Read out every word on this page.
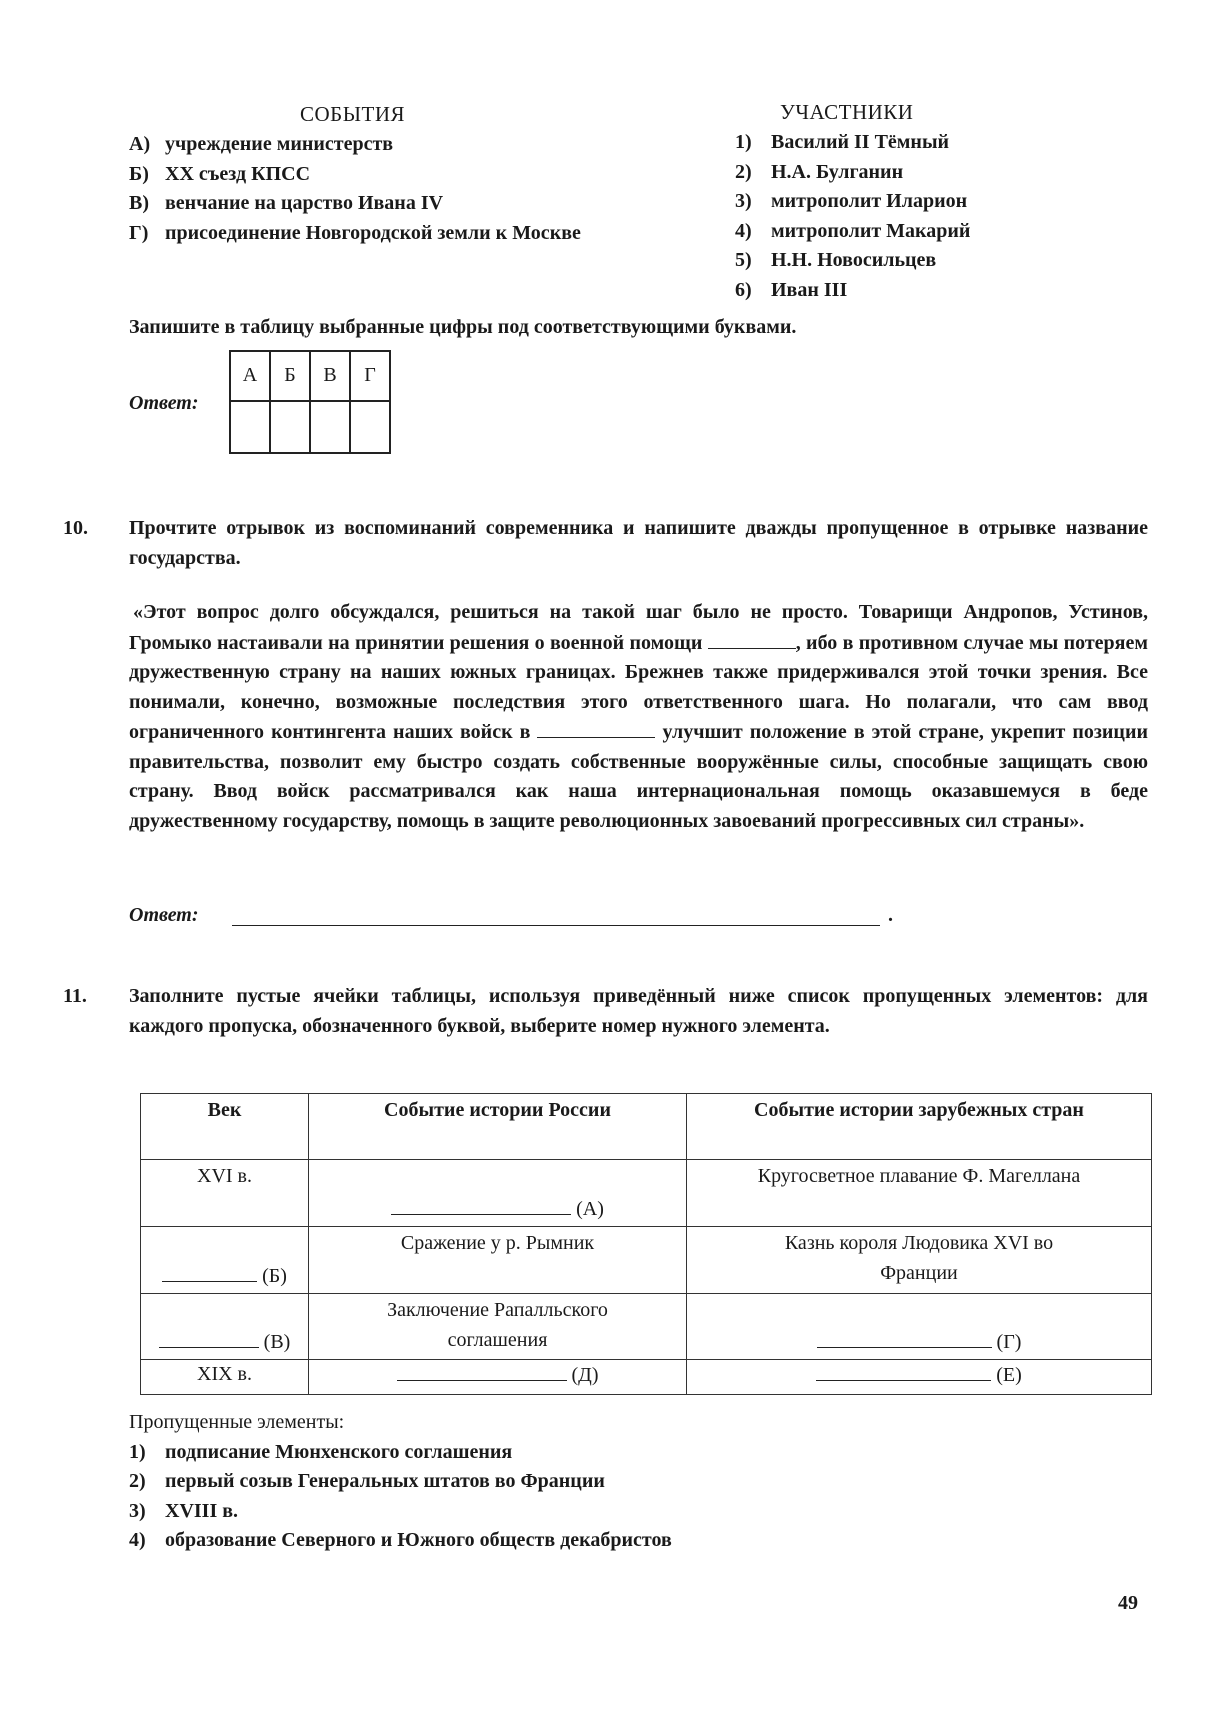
СОБЫТИЯ
А) учреждение министерств
Б) ХХ съезд КПСС
В) венчание на царство Ивана IV
Г) присоединение Новгородской земли к Москве
УЧАСТНИКИ
1) Василий II Тёмный
2) Н.А. Булганин
3) митрополит Иларион
4) митрополит Макарий
5) Н.Н. Новосильцев
6) Иван III
Запишите в таблицу выбранные цифры под соответствующими буквами.
Ответ:
А	Б	В	Г

10. Прочтите отрывок из воспоминаний современника и напишите дважды пропущенное в отрывке название государства.
«Этот вопрос долго обсуждался, решиться на такой шаг было не просто. Товарищи Андропов, Устинов, Громыко настаивали на принятии решения о военной помощи	, ибо в противном случае мы потеряем дружественную страну на наших южных границах. Брежнев также придерживался этой точки зрения. Все понимали, конечно, возможные последствия этого ответственного шага. Но полагали, что сам ввод ограниченного контингента наших войск в	улучшит положение в этой стране, укрепит позиции правительства, позволит ему быстро создать собственные вооружённые силы, способные защищать свою страну. Ввод войск рассматривался как наша интернациональная помощь оказавшемуся в беде дружественному государству, помощь в защите революционных завоеваний прогрессивных сил страны».
Ответ:	.
11. Заполните пустые ячейки таблицы, используя приведённый ниже список пропущенных элементов: для каждого пропуска, обозначенного буквой, выберите номер нужного элемента.
Век	Событие истории России	Событие истории зарубежных стран
XVI в.	(А)	Кругосветное плавание Ф. Магеллана
(Б)	Сражение у р. Рымник	Казнь короля Людовика XVI во Франции
(В)	Заключение Рапалльского соглашения	(Г)
XIX в.	(Д)	(Е)
Пропущенные элементы:
1) подписание Мюнхенского соглашения
2) первый созыв Генеральных штатов во Франции
3) XVIII в.
4) образование Северного и Южного обществ декабристов
49
